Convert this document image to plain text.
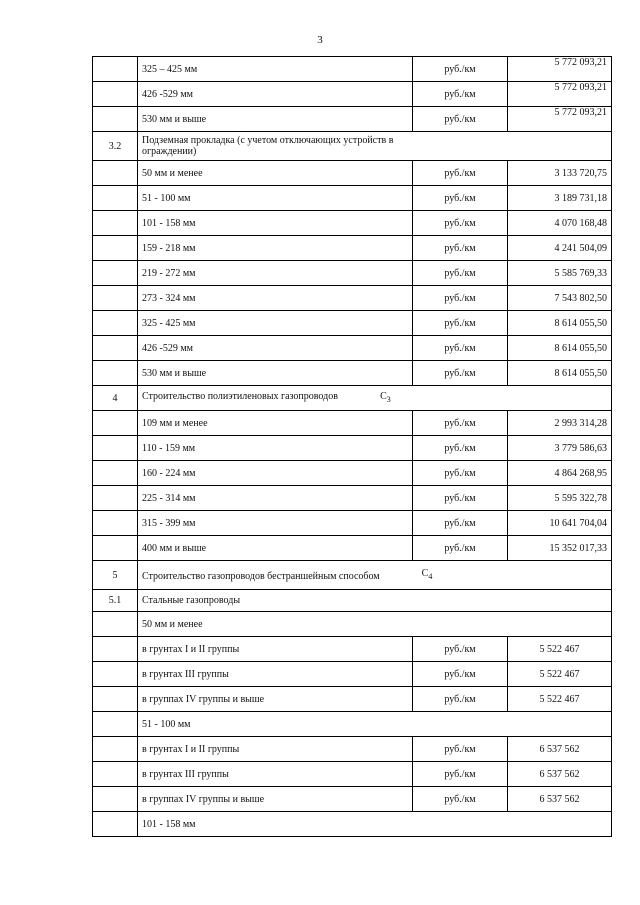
3
	325 – 425 мм	руб./км	5 772 093,21
	426 -529 мм	руб./км	5 772 093,21
	530 мм и выше	руб./км	5 772 093,21
3.2	Подземная прокладка (с учетом отключающих устройств в ограждении)		

	50 мм и менее	руб./км	3 133 720,75
	51 - 100 мм	руб./км	3 189 731,18
	101 - 158 мм	руб./км	4 070 168,48
	159 - 218 мм	руб./км	4 241 504,09
	219 - 272 мм	руб./км	5 585 769,33
	273 - 324 мм	руб./км	7 543 802,50
	325 - 425 мм	руб./км	8 614 055,50
	426 -529 мм	руб./км	8 614 055,50
	530 мм и выше	руб./км	8 614 055,50
4	Строительство полиэтиленовых газопроводов $C_3$
	109 мм и менее	руб./км	2 993 314,28
	110 - 159 мм	руб./км	3 779 586,63
	160 - 224 мм	руб./км	4 864 268,95
	225 - 314 мм	руб./км	5 595 322,78
	315 - 399 мм	руб./км	10 641 704,04
	400 мм и выше	руб./км	15 352 017,33
5	Строительство газопроводов бестраншейным способом $C_4$

5.1	Стальные газопроводы		
	50 мм и менее		
	в грунтах I и II группы	руб./км	5 522 467
	в грунтах III группы	руб./км	5 522 467
	в группах IV группы и выше	руб./км	5 522 467
	51 - 100 мм		
	в грунтах I и II группы	руб./км	6 537 562
	в грунтах III группы	руб./км	6 537 562
	в группах IV группы и выше	руб./км	6 537 562
	101 - 158 мм		
